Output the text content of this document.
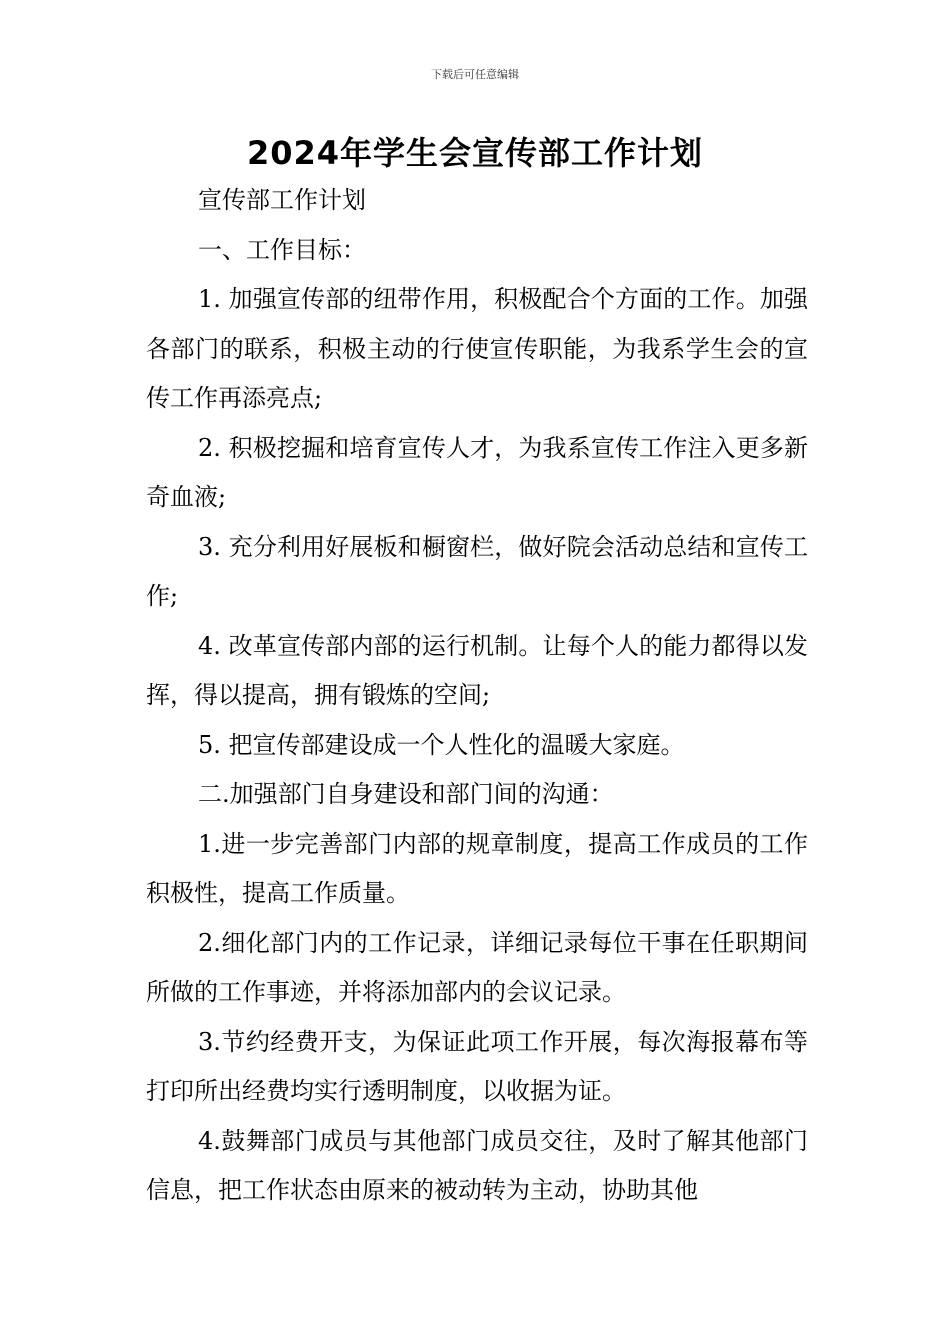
下载后可任意编辑
2024年学生会宣传部工作计划

宣传部工作计划

一、工作目标：

1. 加强宣传部的纽带作用，积极配合个方面的工作。加强各部门的联系，积极主动的行使宣传职能，为我系学生会的宣传工作再添亮点;

2. 积极挖掘和培育宣传人才，为我系宣传工作注入更多新奇血液;

3. 充分利用好展板和橱窗栏，做好院会活动总结和宣传工作;

4. 改革宣传部内部的运行机制。让每个人的能力都得以发挥，得以提高，拥有锻炼的空间;

5. 把宣传部建设成一个人性化的温暖大家庭。

二.加强部门自身建设和部门间的沟通：

1.进一步完善部门内部的规章制度，提高工作成员的工作积极性，提高工作质量。

2.细化部门内的工作记录，详细记录每位干事在任职期间所做的工作事迹，并将添加部内的会议记录。

3.节约经费开支，为保证此项工作开展，每次海报幕布等打印所出经费均实行透明制度，以收据为证。

4.鼓舞部门成员与其他部门成员交往，及时了解其他部门信息，把工作状态由原来的被动转为主动，协助其他
